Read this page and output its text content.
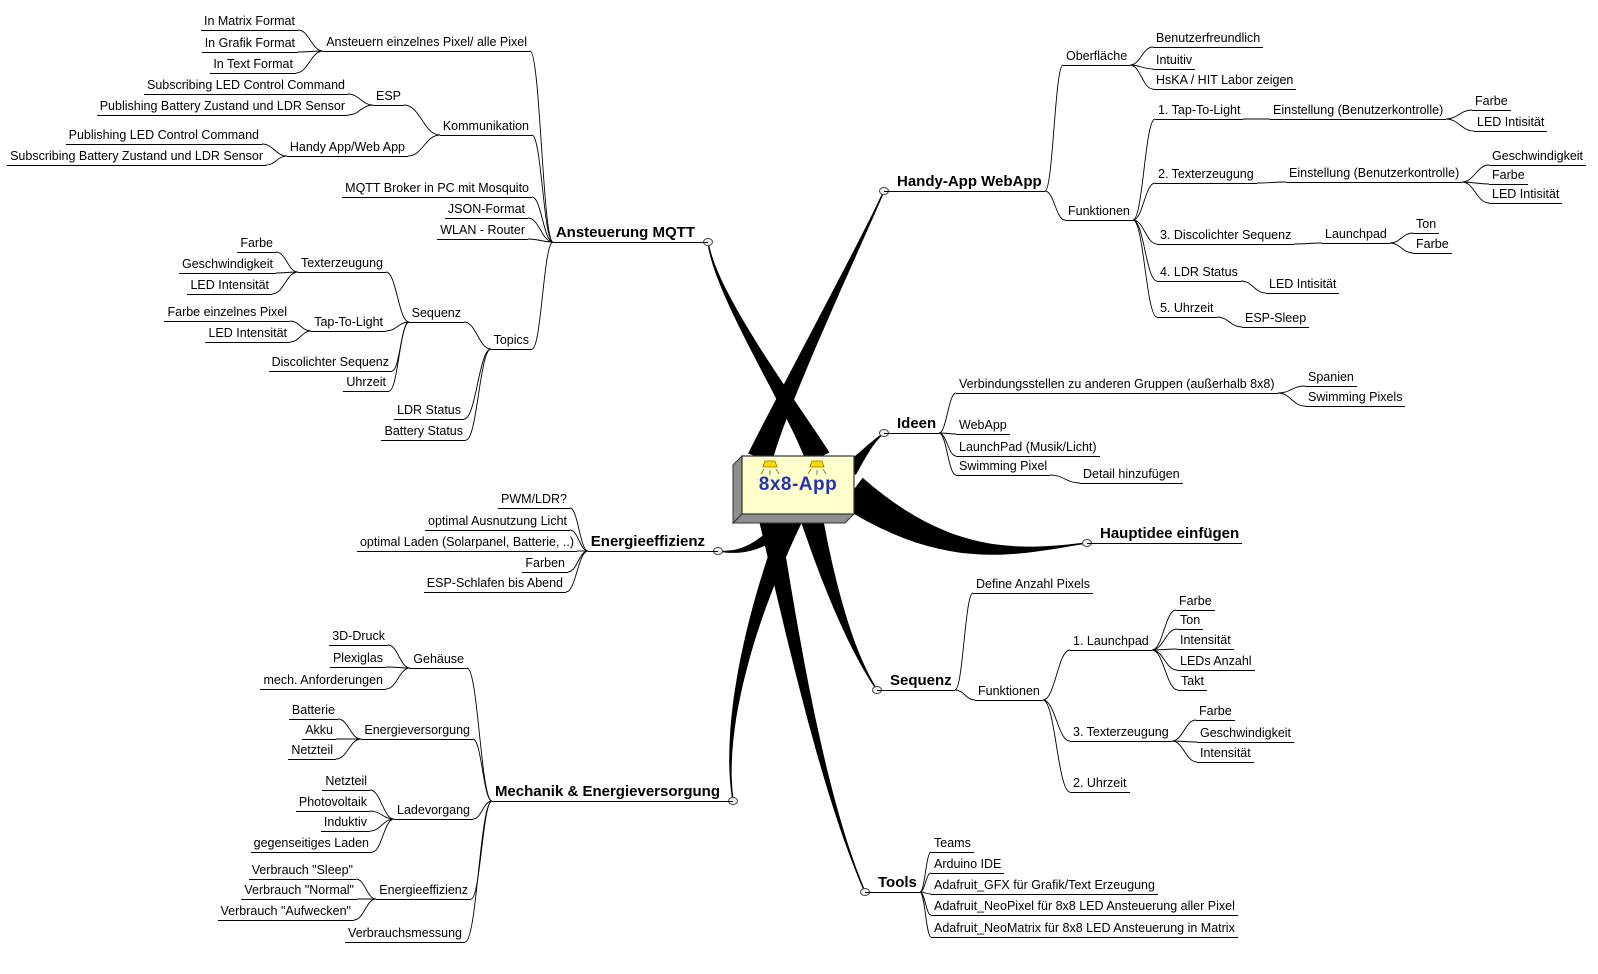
Ansteuerung MQTT
Energieeffizienz
Mechanik & Energieversorgung
Handy-App WebApp
Ideen
Hauptidee einfügen
Sequenz
Tools
Ansteuern einzelnes Pixel/ alle Pixel
In Matrix Format
In Grafik Format
In Text Format
Kommunikation
ESP
Subscribing LED Control Command
Publishing Battery Zustand und LDR Sensor
Handy App/Web App
Publishing LED Control Command
Subscribing Battery Zustand und LDR Sensor
MQTT Broker in PC mit Mosquito
JSON-Format
WLAN - Router
Topics
Sequenz
Texterzeugung
Farbe
Geschwindigkeit
LED Intensität
Tap-To-Light
Farbe einzelnes Pixel
LED Intensität
Discolichter Sequenz
Uhrzeit
LDR Status
Battery Status
PWM/LDR?
optimal Ausnutzung Licht
optimal Laden (Solarpanel, Batterie, ..)
Farben
ESP-Schlafen bis Abend
Gehäuse
3D-Druck
Plexiglas
mech. Anforderungen
Energieversorgung
Batterie
Akku
Netzteil
Ladevorgang
Netzteil
Photovoltaik
Induktiv
gegenseitiges Laden
Energieeffizienz
Verbrauch "Sleep"
Verbrauch "Normal"
Verbrauch "Aufwecken"
Verbrauchsmessung
Oberfläche
Benutzerfreundlich
Intuitiv
HsKA / HIT Labor zeigen
Funktionen
1. Tap-To-Light	Einstellung (Benutzerkontrolle)
Farbe
LED Intisität
2. Texterzeugung	Einstellung (Benutzerkontrolle)
Geschwindigkeit
Farbe
LED Intisität
3. Discolichter Sequenz	Launchpad
Ton
Farbe
4. LDR Status
LED Intisität
5. Uhrzeit
ESP-Sleep
Verbindungsstellen zu anderen Gruppen (außerhalb 8x8)	Spanien
Swimming Pixels
WebApp
LaunchPad (Musik/Licht)
Swimming Pixel
Detail hinzufügen
Define Anzahl Pixels
Funktionen
1. Launchpad
Farbe
Ton
Intensität
LEDs Anzahl
Takt
3. Texterzeugung
Farbe
Geschwindigkeit
Intensität
2. Uhrzeit
Teams
Arduino IDE
Adafruit_GFX für Grafik/Text Erzeugung
Adafruit_NeoPixel für 8x8 LED Ansteuerung aller Pixel
Adafruit_NeoMatrix für 8x8 LED Ansteuerung in Matrix
8x8-App
